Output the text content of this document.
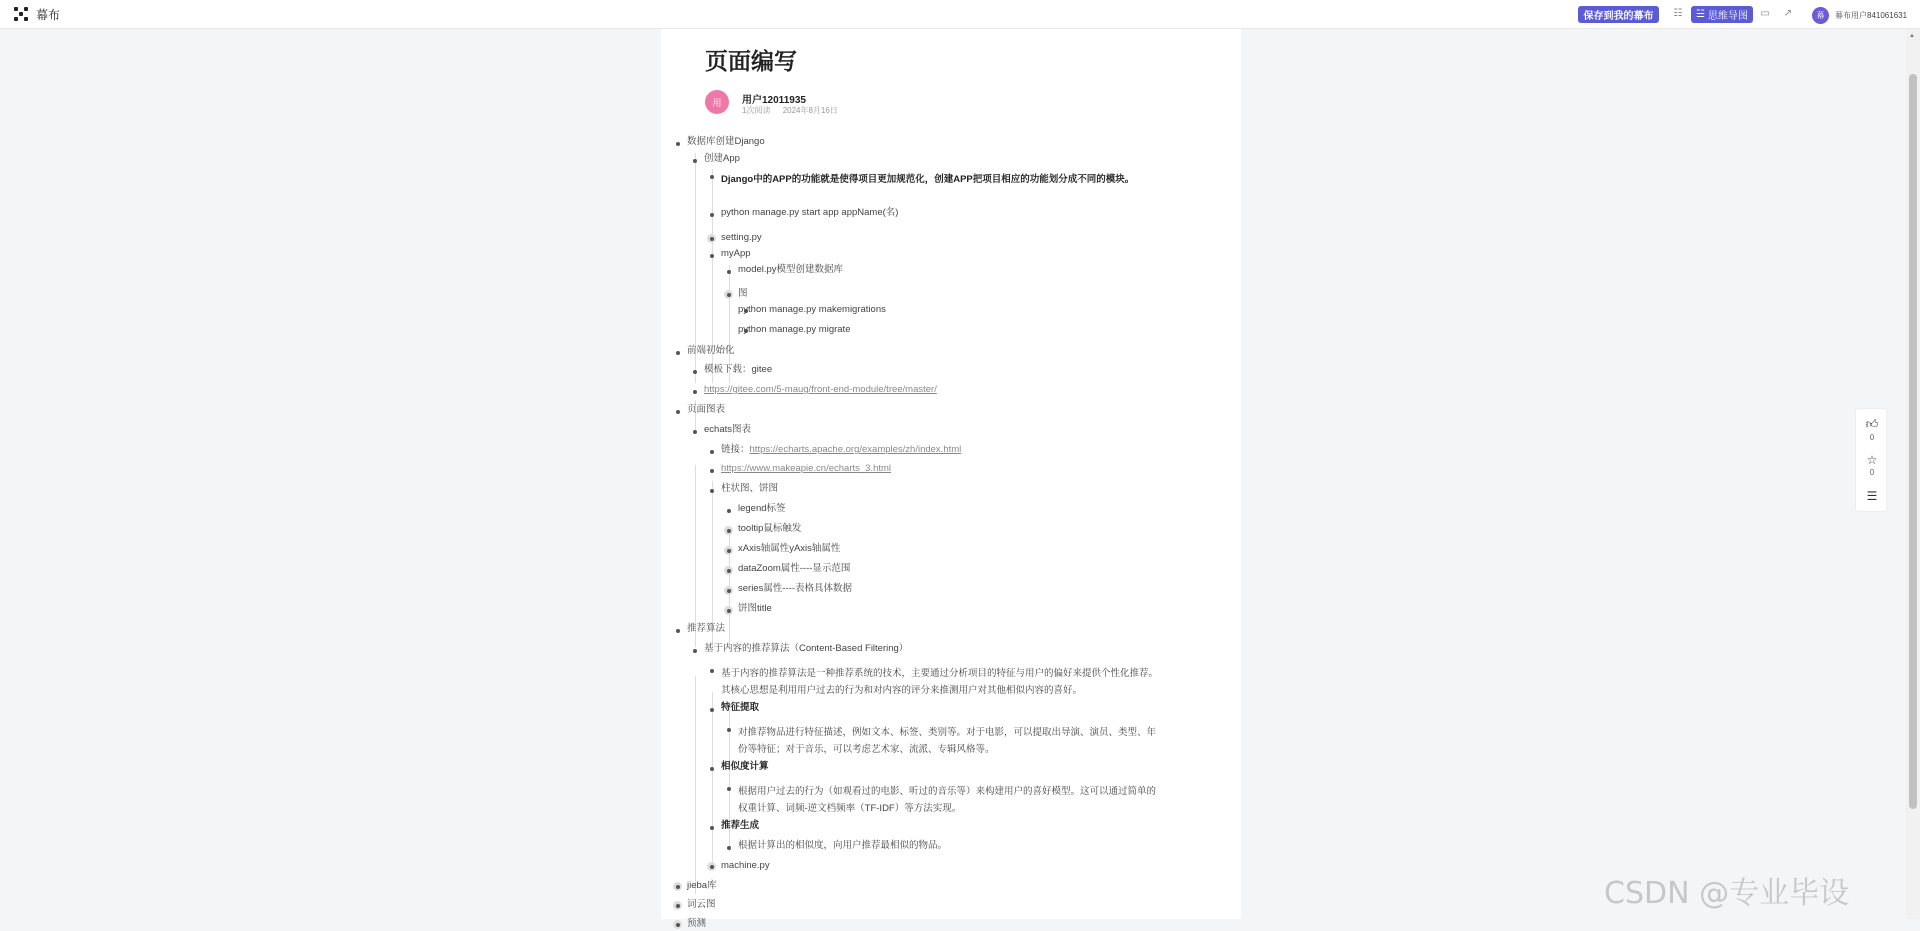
幕布	保存到我的幕布	☷ ☱ 思维导图 ▭ ↗	幕	幕布用户841061631
页面编写
用	用户12011935
1次阅读 2024年8月16日
数据库创建Django
创建App
Django中的APP的功能就是使得项目更加规范化，创建APP把项目相应的功能划分成不同的模块。
python manage.py start app appName(名)
setting.py
myApp
model.py模型创建数据库
图
python manage.py makemigrations
python manage.py migrate
前端初始化
模板下载：gitee
https://gitee.com/5-maug/front-end-module/tree/master/
页面图表
echats图表
链接：https://echarts.apache.org/examples/zh/index.html
https://www.makeapie.cn/echarts_3.html
柱状图、饼图
legend标签
tooltip鼠标触发
xAxis轴属性yAxis轴属性
dataZoom属性----显示范围
series属性----表格具体数据
饼图title
推荐算法
基于内容的推荐算法（Content-Based Filtering）
基于内容的推荐算法是一种推荐系统的技术，主要通过分析项目的特征与用户的偏好来提供个性化推荐。其核心思想是利用用户过去的行为和对内容的评分来推测用户对其他相似内容的喜好。
特征提取
对推荐物品进行特征描述，例如文本、标签、类别等。对于电影，可以提取出导演、演员、类型、年份等特征；对于音乐，可以考虑艺术家、流派、专辑风格等。
相似度计算
根据用户过去的行为（如观看过的电影、听过的音乐等）来构建用户的喜好模型。这可以通过简单的权重计算、词频-逆文档频率（TF-IDF）等方法实现。
推荐生成
根据计算出的相似度，向用户推荐最相似的物品。
machine.py
jieba库
词云图
预测
👍︎
0
☆
0
☰
▲
CSDN @专业毕设
